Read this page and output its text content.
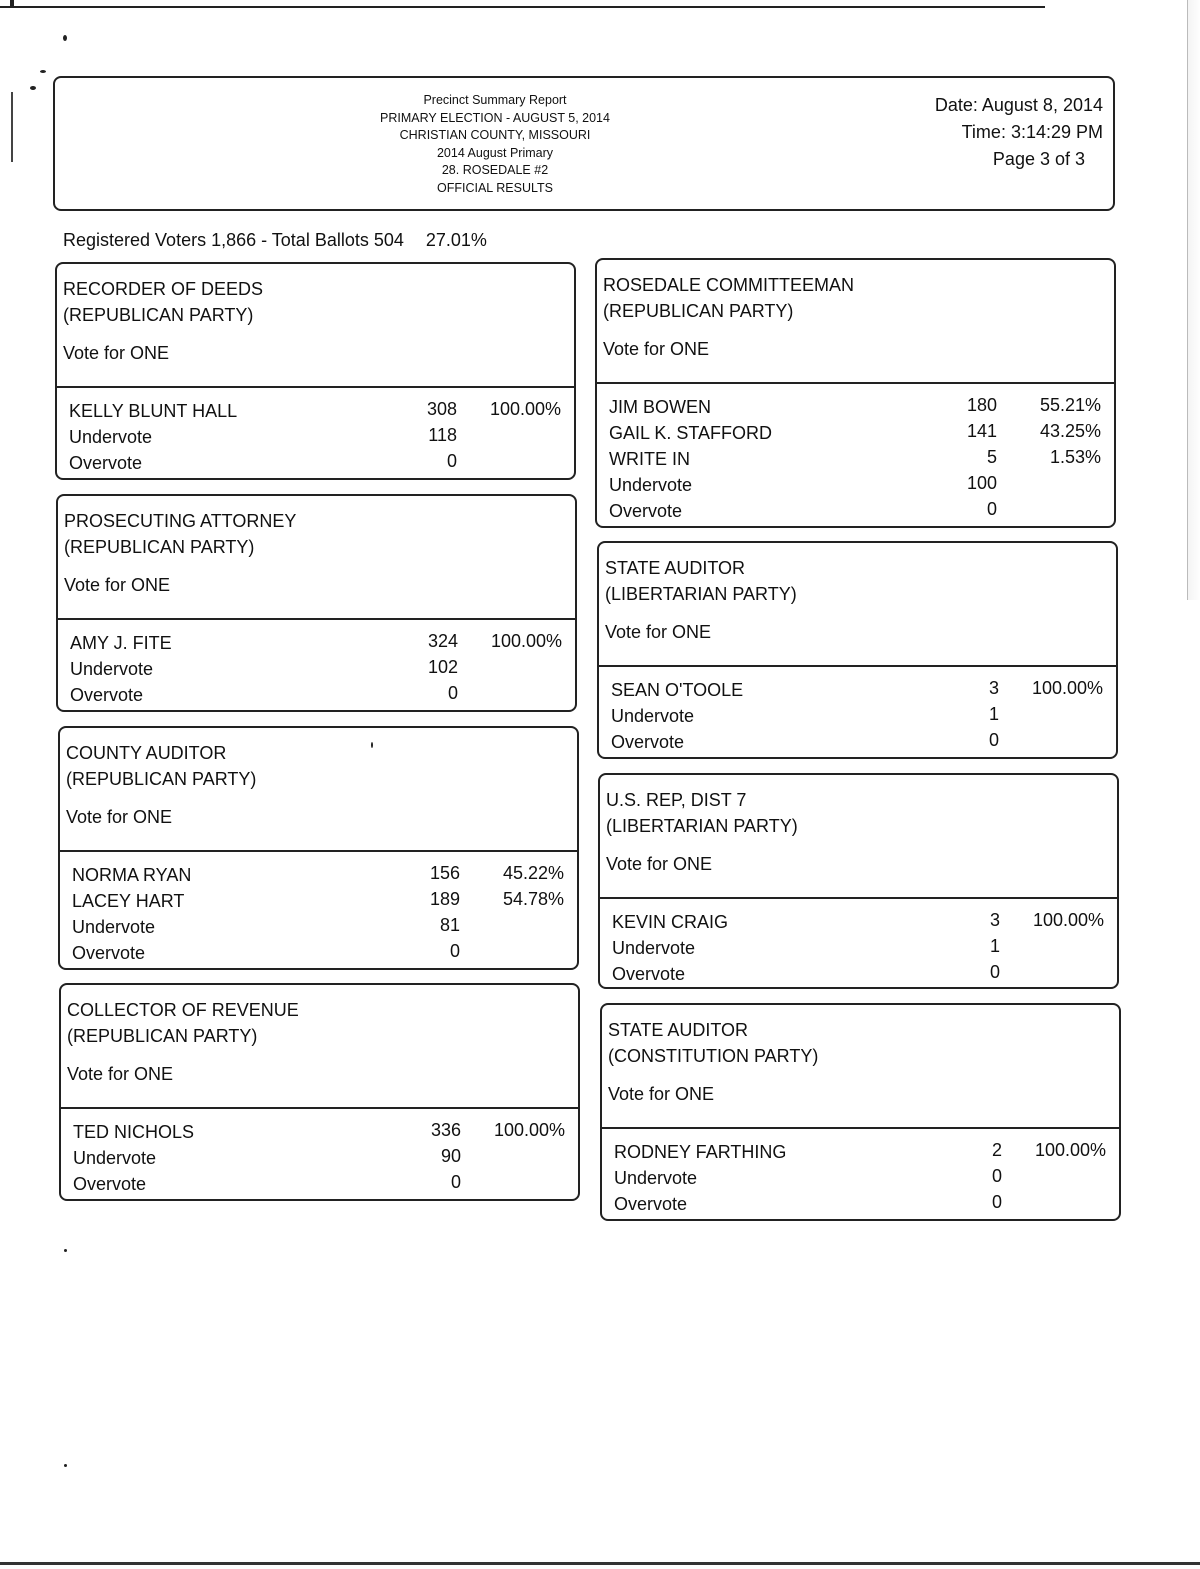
Precinct Summary Report
PRIMARY ELECTION - AUGUST 5, 2014
CHRISTIAN COUNTY, MISSOURI
2014 August Primary
28. ROSEDALE #2
OFFICIAL RESULTS
Date: August 8, 2014
Time: 3:14:29 PM
Page 3 of 3
Registered Voters 1,866 - Total Ballots 504 27.01%
RECORDER OF DEEDS
(REPUBLICAN PARTY)
Vote for ONE
KELLY BLUNT HALL	308	100.00%
Undervote	118
Overvote	0
PROSECUTING ATTORNEY
(REPUBLICAN PARTY)
Vote for ONE
AMY J. FITE	324	100.00%
Undervote	102
Overvote	0
COUNTY AUDITOR
(REPUBLICAN PARTY)
Vote for ONE
NORMA RYAN	156	45.22%
LACEY HART	189	54.78%
Undervote	81
Overvote	0
COLLECTOR OF REVENUE
(REPUBLICAN PARTY)
Vote for ONE
TED NICHOLS	336	100.00%
Undervote	90
Overvote	0
ROSEDALE COMMITTEEMAN
(REPUBLICAN PARTY)
Vote for ONE
JIM BOWEN	180	55.21%
GAIL K. STAFFORD	141	43.25%
WRITE IN	5	1.53%
Undervote	100
Overvote	0
STATE AUDITOR
(LIBERTARIAN PARTY)
Vote for ONE
SEAN O'TOOLE	3	100.00%
Undervote	1
Overvote	0
U.S. REP, DIST 7
(LIBERTARIAN PARTY)
Vote for ONE
KEVIN CRAIG	3	100.00%
Undervote	1
Overvote	0
STATE AUDITOR
(CONSTITUTION PARTY)
Vote for ONE
RODNEY FARTHING	2	100.00%
Undervote	0
Overvote	0
